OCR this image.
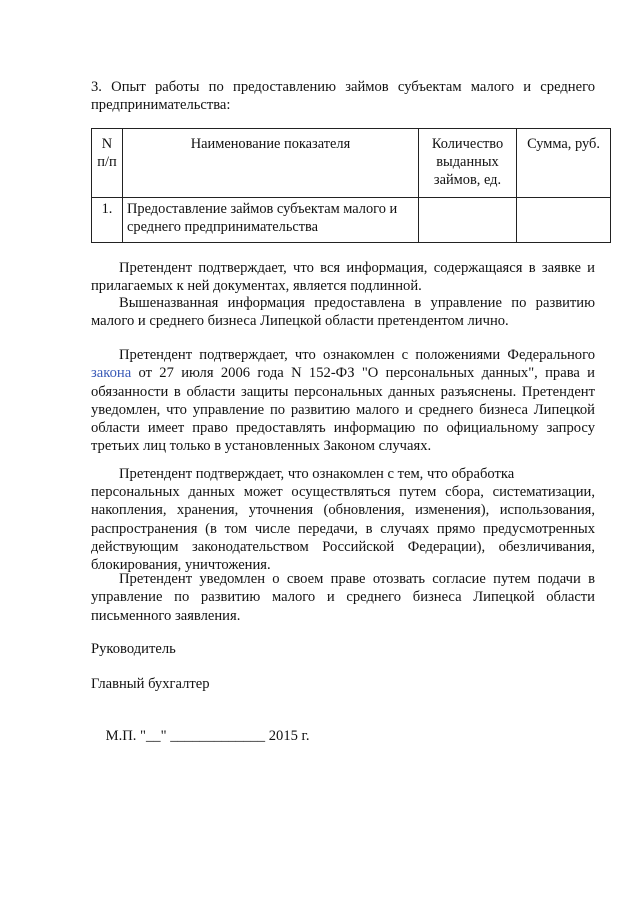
3. Опыт работы по предоставлению займов субъектам малого и среднего
предпринимательства:
N п/п	Наименование показателя	Количество выданных займов, ед.	Сумма, руб.
1.	Предоставление займов субъектам малого и среднего предпринимательства		
Претендент подтверждает, что вся информация, содержащаяся в заявке и прилагаемых к ней документах, является подлинной.
Вышеназванная информация предоставлена в управление по развитию малого и среднего бизнеса Липецкой области претендентом лично.
Претендент подтверждает, что ознакомлен с положениями Федерального закона от 27 июля 2006 года N 152-ФЗ "О персональных данных", права и обязанности в области защиты персональных данных разъяснены. Претендент уведомлен, что управление по развитию малого и среднего бизнеса Липецкой области имеет право предоставлять информацию по официальному запросу третьих лиц только в установленных Законом случаях.
Претендент подтверждает, что ознакомлен с тем, что обработка
персональных данных может осуществляться путем сбора, систематизации, накопления, хранения, уточнения (обновления, изменения), использования, распространения (в том числе передачи, в случаях прямо предусмотренных действующим законодательством Российской Федерации), обезличивания, блокирования, уничтожения.
Претендент уведомлен о своем праве отозвать согласие путем подачи в управление по развитию малого и среднего бизнеса Липецкой области письменного заявления.
Руководитель
Главный бухгалтер

М.П. "__" _____________ 2015 г.
